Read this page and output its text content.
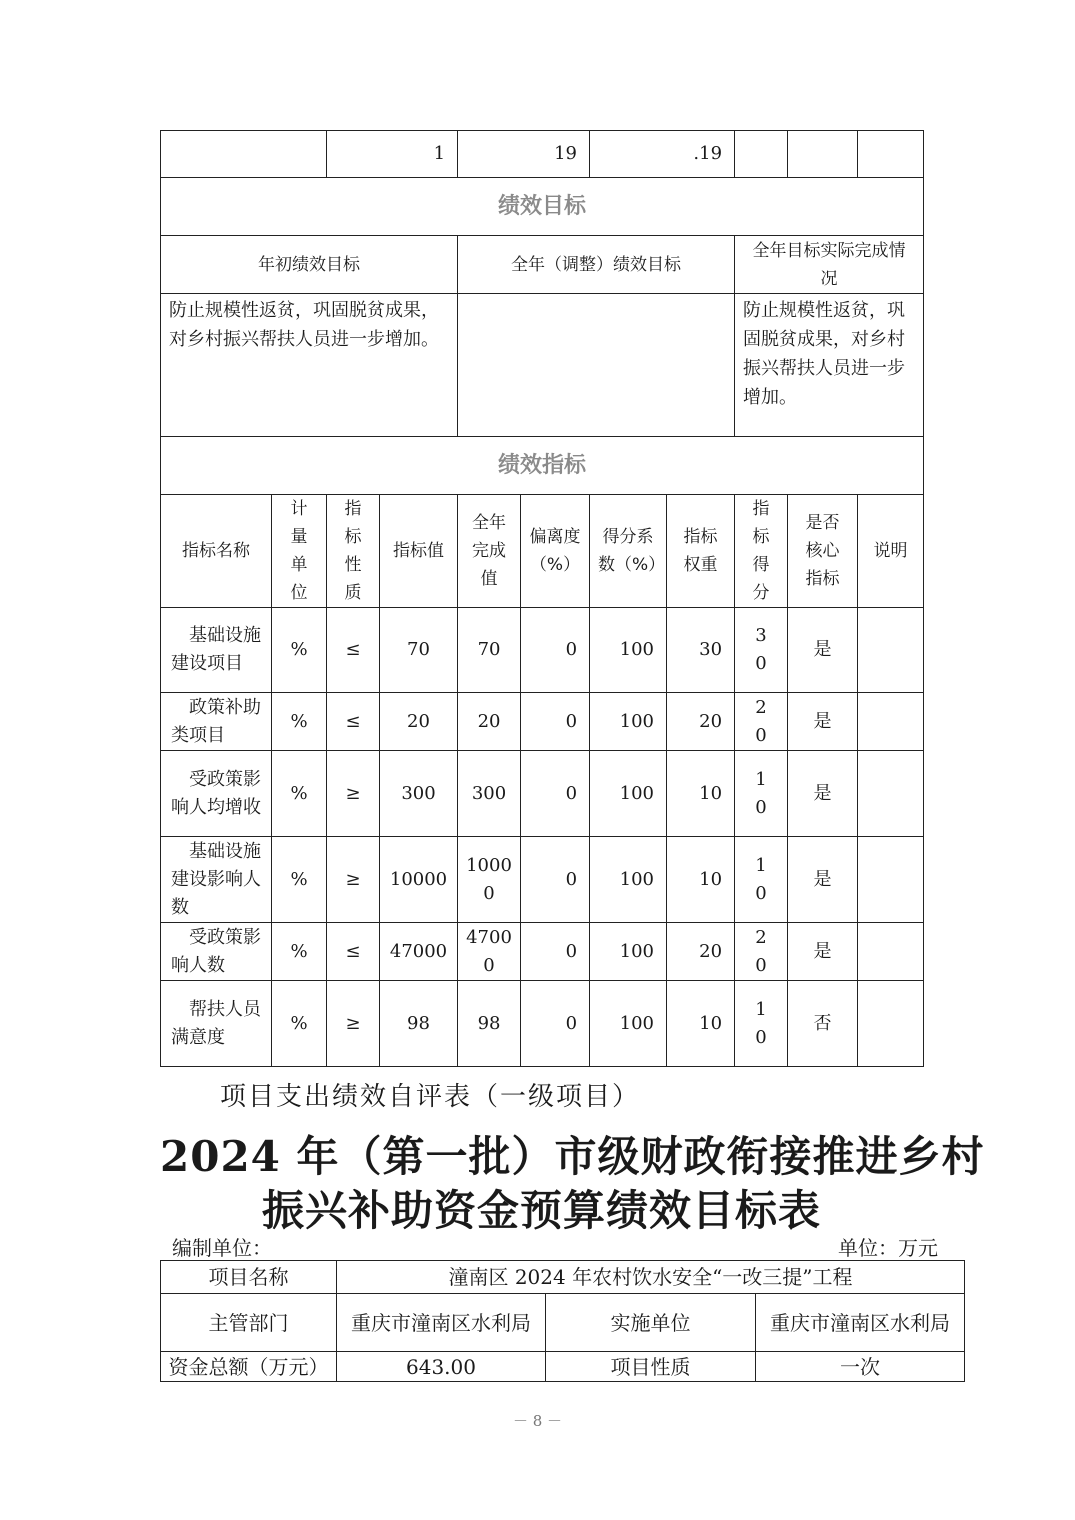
		1		19		.19				
绩效目标										
年初绩效目标				全年（调整）绩效目标				全年目标实际完成情况		
防止规模性返贫，巩固脱贫成果，对乡村振兴帮扶人员进一步增加。								防止规模性返贫，巩固脱贫成果，对乡村振兴帮扶人员进一步增加。		
绩效指标										
指标名称	计量单位	指标性质	指标值	全年完成值	偏离度（%）	得分系数（%）	指标权重	指标得分	是否核心指标	说明
基础设施建设项目	%	≤	70	70	0	100	30	30	是	
政策补助类项目	%	≤	20	20	0	100	20	20	是	
受政策影响人均增收	%	≥	300	300	0	100	10	10	是	
基础设施建设影响人数	%	≥	10000	10000	0	100	10	10	是	
受政策影响人数	%	≤	47000	47000	0	100	20	20	是	
帮扶人员满意度	%	≥	98	98	0	100	10	10	否	
项目支出绩效自评表（一级项目）
2024 年（第一批）市级财政衔接推进乡村
振兴补助资金预算绩效目标表
编制单位：	单位：万元
项目名称	潼南区 2024 年农村饮水安全“一改三提”工程		
主管部门	重庆市潼南区水利局	实施单位	重庆市潼南区水利局
资金总额（万元）	643.00	项目性质	一次
－ 8 －
